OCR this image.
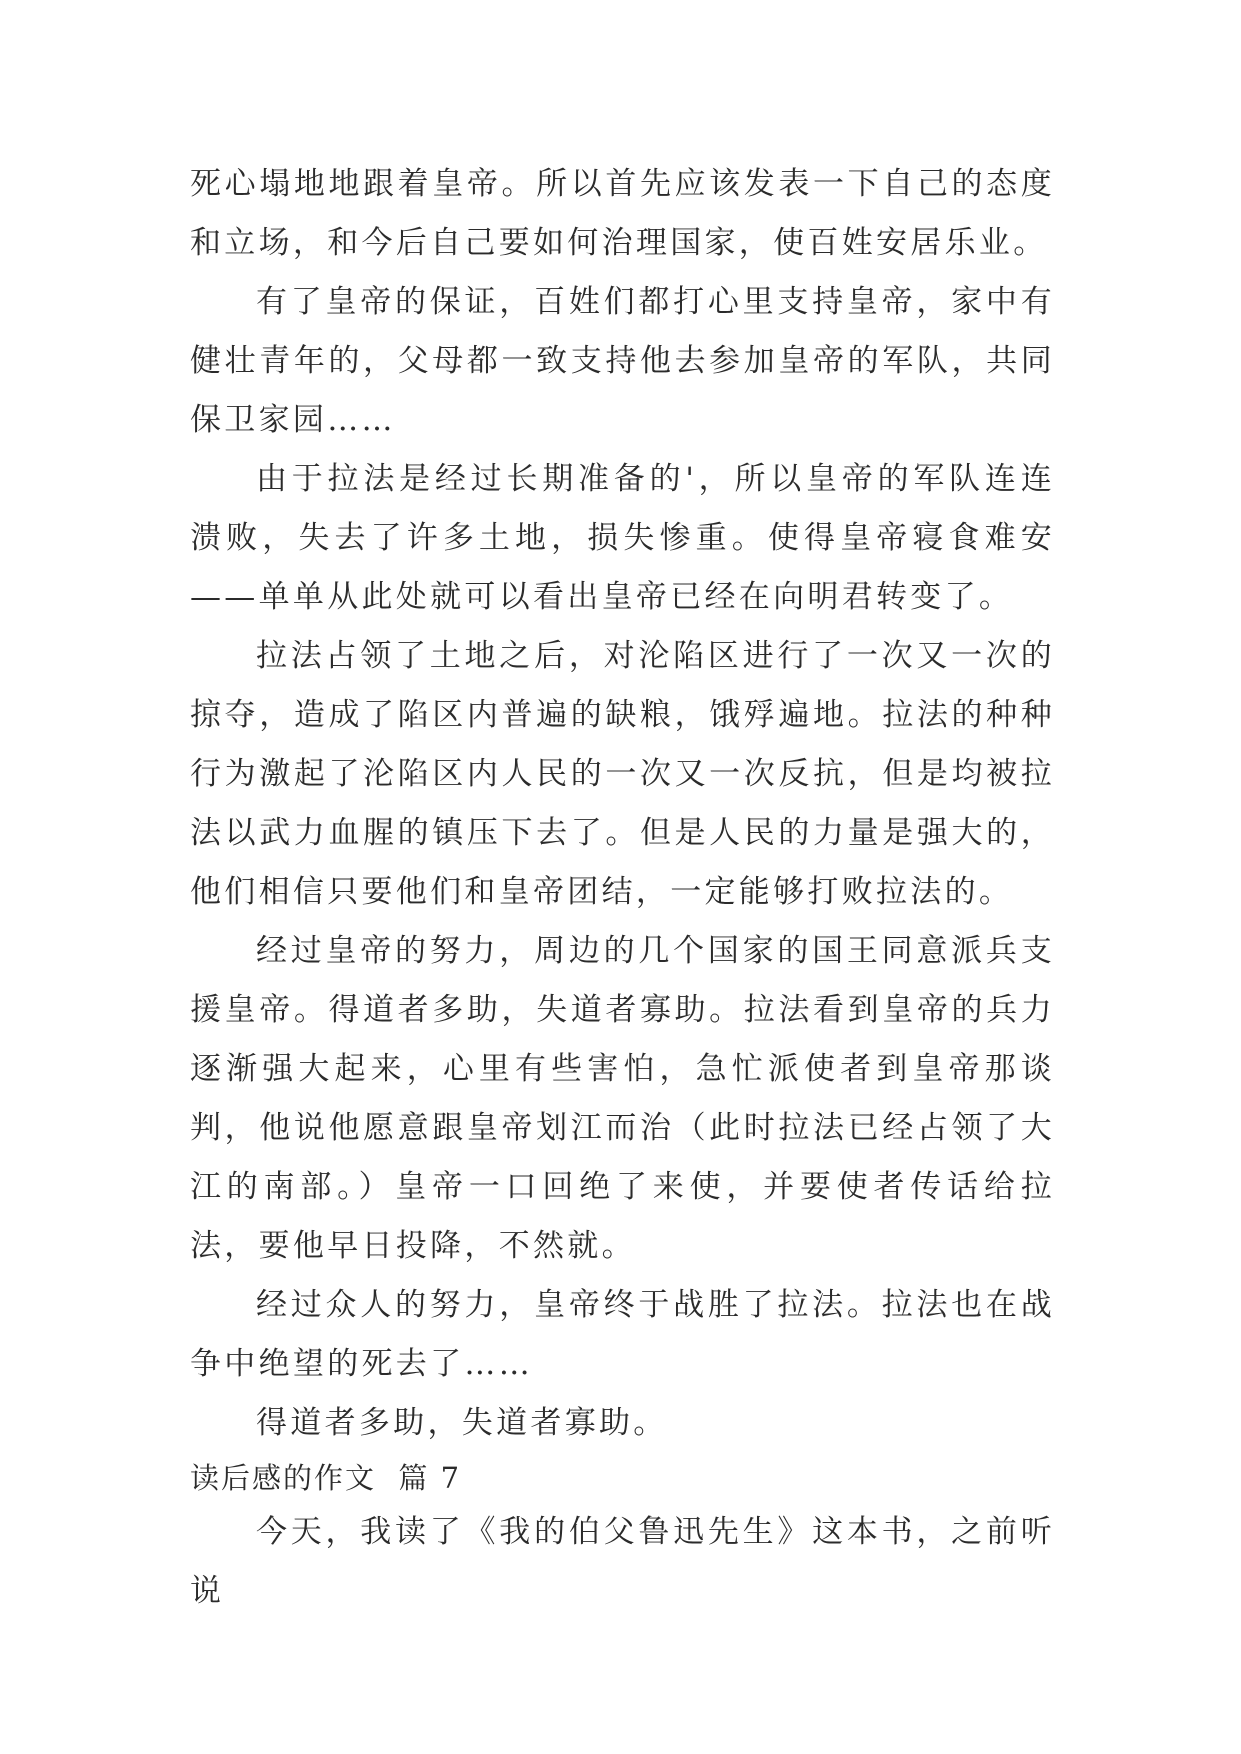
死心塌地地跟着皇帝。所以首先应该发表一下自己的态度和立场，和今后自己要如何治理国家，使百姓安居乐业。

有了皇帝的保证，百姓们都打心里支持皇帝，家中有健壮青年的，父母都一致支持他去参加皇帝的军队，共同保卫家园……

由于拉法是经过长期准备的'，所以皇帝的军队连连溃败，失去了许多土地，损失惨重。使得皇帝寝食难安——单单从此处就可以看出皇帝已经在向明君转变了。

拉法占领了土地之后，对沦陷区进行了一次又一次的掠夺，造成了陷区内普遍的缺粮，饿殍遍地。拉法的种种行为激起了沦陷区内人民的一次又一次反抗，但是均被拉法以武力血腥的镇压下去了。但是人民的力量是强大的，他们相信只要他们和皇帝团结，一定能够打败拉法的。

经过皇帝的努力，周边的几个国家的国王同意派兵支援皇帝。得道者多助，失道者寡助。拉法看到皇帝的兵力逐渐强大起来，心里有些害怕，急忙派使者到皇帝那谈判，他说他愿意跟皇帝划江而治（此时拉法已经占领了大江的南部。）皇帝一口回绝了来使，并要使者传话给拉法，要他早日投降，不然就。

经过众人的努力，皇帝终于战胜了拉法。拉法也在战争中绝望的死去了……

得道者多助，失道者寡助。

读后感的作文  篇 7

今天，我读了《我的伯父鲁迅先生》这本书，之前听说
